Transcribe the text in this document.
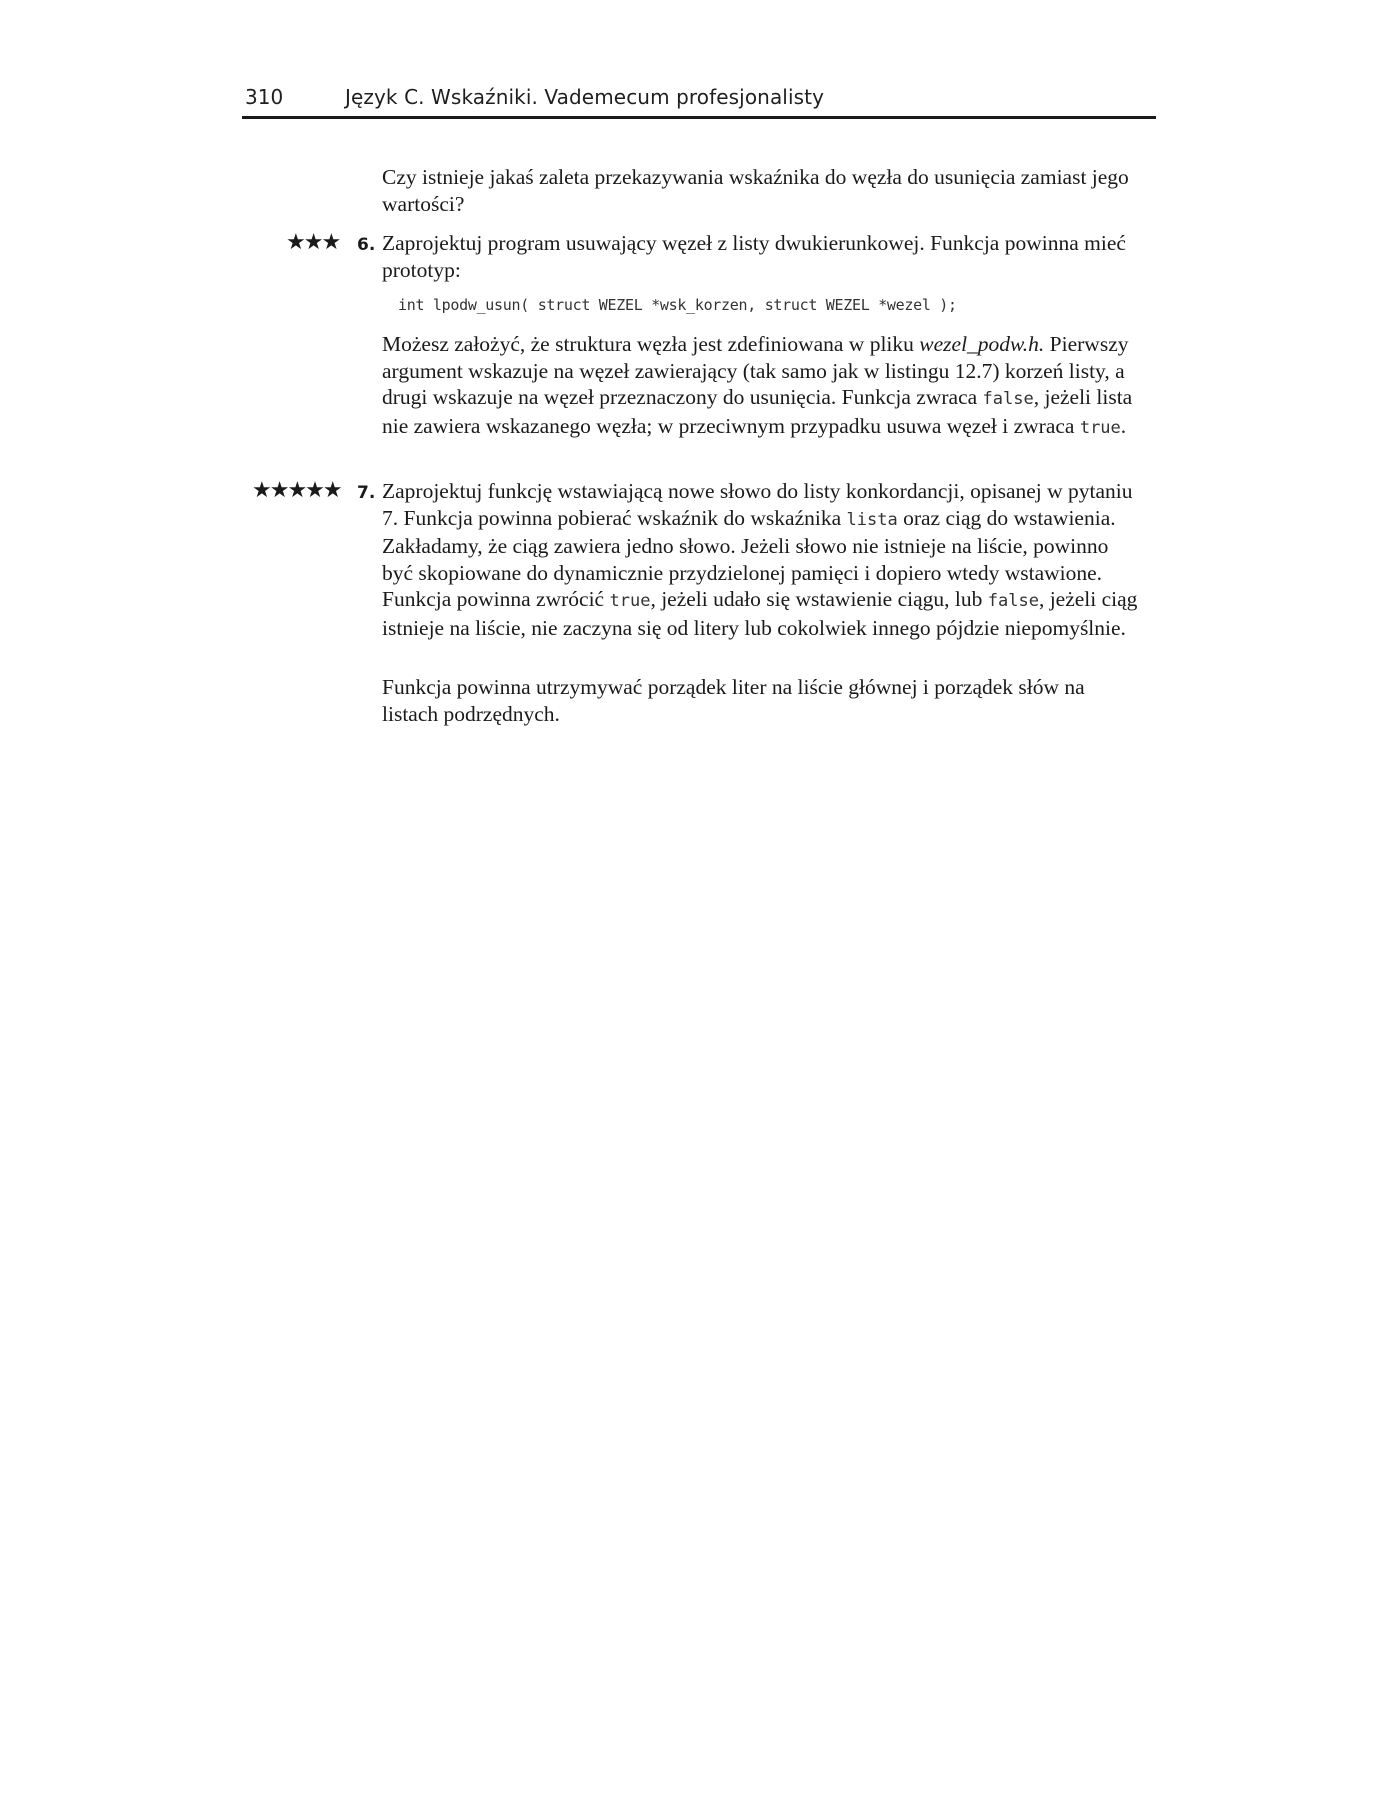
310	Język C. Wskaźniki. Vademecum profesjonalisty

Czy istnieje jakaś zaleta przekazywania wskaźnika do węzła do usunięcia zamiast jego wartości?

★★★ 6. Zaprojektuj program usuwający węzeł z listy dwukierunkowej. Funkcja powinna mieć prototyp:

int lpodw_usun( struct WEZEL *wsk_korzen, struct WEZEL *wezel );

Możesz założyć, że struktura węzła jest zdefiniowana w pliku wezel_podw.h. Pierwszy argument wskazuje na węzeł zawierający (tak samo jak w listingu 12.7) korzeń listy, a drugi wskazuje na węzeł przeznaczony do usunięcia. Funkcja zwraca false, jeżeli lista nie zawiera wskazanego węzła; w przeciwnym przypadku usuwa węzeł i zwraca true.

★★★★★ 7. Zaprojektuj funkcję wstawiającą nowe słowo do listy konkordancji, opisanej w pytaniu 7. Funkcja powinna pobierać wskaźnik do wskaźnika lista oraz ciąg do wstawienia. Zakładamy, że ciąg zawiera jedno słowo. Jeżeli słowo nie istnieje na liście, powinno być skopiowane do dynamicznie przydzielonej pamięci i dopiero wtedy wstawione. Funkcja powinna zwrócić true, jeżeli udało się wstawienie ciągu, lub false, jeżeli ciąg istnieje na liście, nie zaczyna się od litery lub cokolwiek innego pójdzie niepomyślnie.

Funkcja powinna utrzymywać porządek liter na liście głównej i porządek słów na listach podrzędnych.
